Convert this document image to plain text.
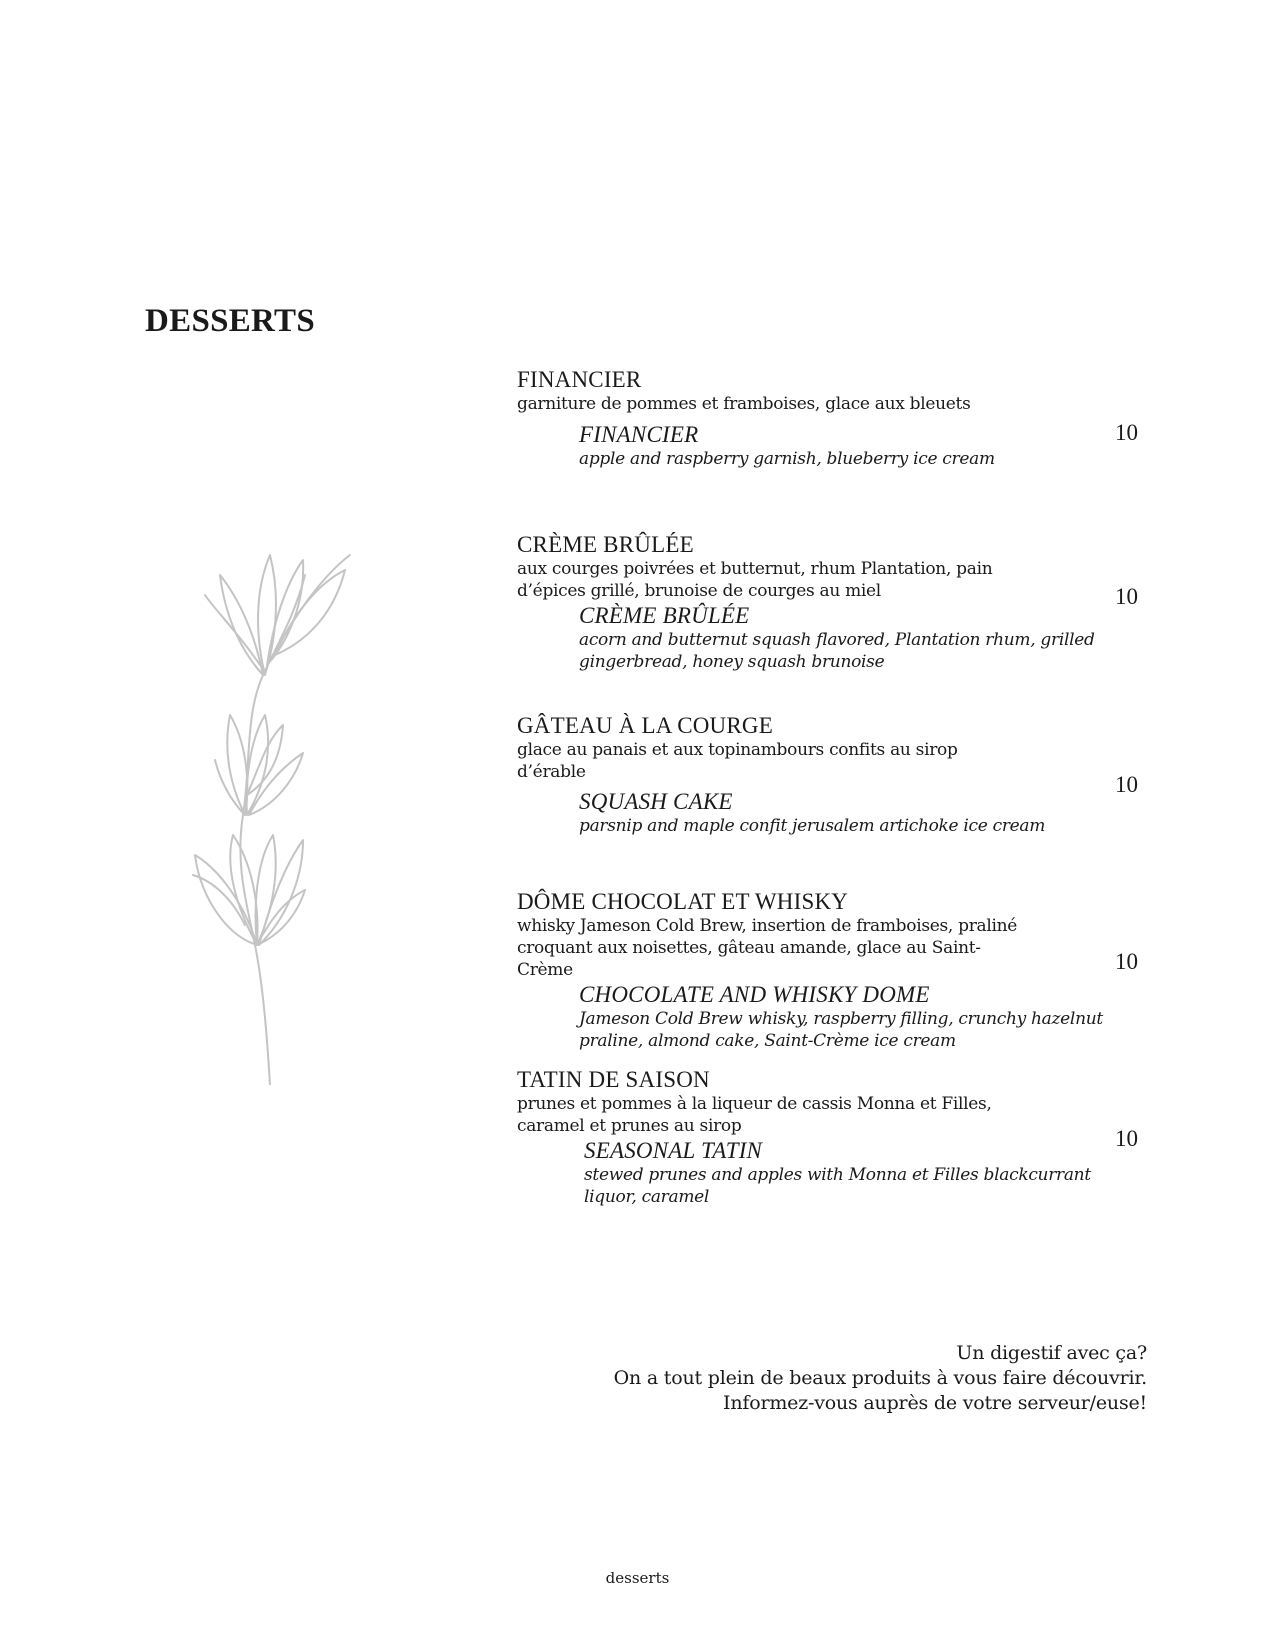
DESSERTS
FINANCIER
garniture de pommes et framboises, glace aux bleuets
FINANCIER
apple and raspberry garnish, blueberry ice cream
10
CRÈME BRÛLÉE
aux courges poivrées et butternut, rhum Plantation, pain d’épices grillé, brunoise de courges au miel
CRÈME BRÛLÉE
acorn and butternut squash flavored, Plantation rhum, grilled gingerbread, honey squash brunoise
10
GÂTEAU À LA COURGE
glace au panais et aux topinambours confits au sirop d’érable
SQUASH CAKE
parsnip and maple confit jerusalem artichoke ice cream
10
DÔME CHOCOLAT ET WHISKY
whisky Jameson Cold Brew, insertion de framboises, praliné croquant aux noisettes, gâteau amande, glace au Saint-Crème
CHOCOLATE AND WHISKY DOME
Jameson Cold Brew whisky, raspberry filling, crunchy hazelnut praline, almond cake, Saint-Crème ice cream
10
TATIN DE SAISON
prunes et pommes à la liqueur de cassis Monna et Filles, caramel et prunes au sirop
SEASONAL TATIN
stewed prunes and apples with Monna et Filles blackcurrant liquor, caramel
10
Un digestif avec ça?
On a tout plein de beaux produits à vous faire découvrir.
Informez-vous auprès de votre serveur/euse!
desserts
